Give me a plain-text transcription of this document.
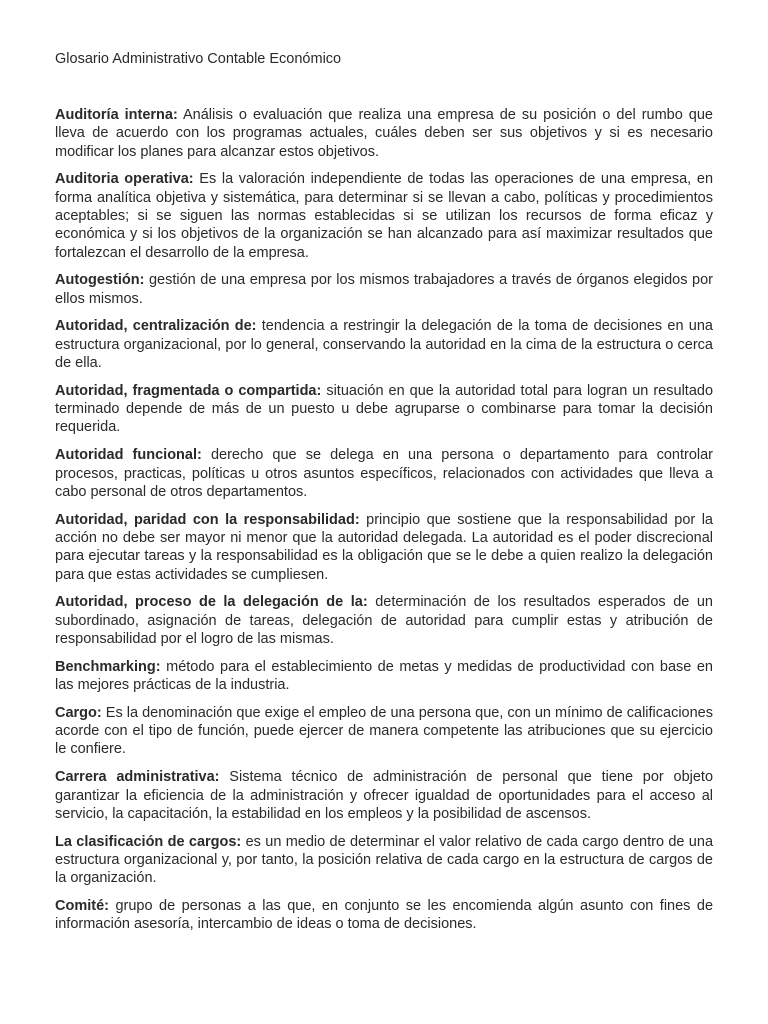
Glosario Administrativo Contable Económico

Auditoría interna: Análisis o evaluación que realiza una empresa de su posición o del rumbo que lleva de acuerdo con los programas actuales, cuáles deben ser sus objetivos y si es necesario modificar los planes para alcanzar estos objetivos.

Auditoria operativa: Es la valoración independiente de todas las operaciones de una empresa, en forma analítica objetiva y sistemática, para determinar si se llevan a cabo, políticas y procedimientos aceptables; si se siguen las normas establecidas si se utilizan los recursos de forma eficaz y económica y si los objetivos de la organización se han alcanzado para así maximizar resultados que fortalezcan el desarrollo de la empresa.

Autogestión: gestión de una empresa por los mismos trabajadores a través de órganos elegidos por ellos mismos.

Autoridad, centralización de: tendencia a restringir la delegación de la toma de decisiones en una estructura organizacional, por lo general, conservando la autoridad en la cima de la estructura o cerca de ella.

Autoridad, fragmentada o compartida: situación en que la autoridad total para logran un resultado terminado depende de más de un puesto u debe agruparse o combinarse para tomar la decisión requerida.

Autoridad funcional: derecho que se delega en una persona o departamento para controlar procesos, practicas, políticas u otros asuntos específicos, relacionados con actividades que lleva a cabo personal de otros departamentos.

Autoridad, paridad con la responsabilidad: principio que sostiene que la responsabilidad por la acción no debe ser mayor ni menor que la autoridad delegada. La autoridad es el poder discrecional para ejecutar tareas y la responsabilidad es la obligación que se le debe a quien realizo la delegación para que estas actividades se cumpliesen.

Autoridad, proceso de la delegación de la: determinación de los resultados esperados de un subordinado, asignación de tareas, delegación de autoridad para cumplir estas y atribución de responsabilidad por el logro de las mismas.

Benchmarking: método para el establecimiento de metas y medidas de productividad con base en las mejores prácticas de la industria.

Cargo: Es la denominación que exige el empleo de una persona que, con un mínimo de calificaciones acorde con el tipo de función, puede ejercer de manera competente las atribuciones que su ejercicio le confiere.

Carrera administrativa: Sistema técnico de administración de personal que tiene por objeto garantizar la eficiencia de la administración y ofrecer igualdad de oportunidades para el acceso al servicio, la capacitación, la estabilidad en los empleos y la posibilidad de ascensos.

La clasificación de cargos: es un medio de determinar el valor relativo de cada cargo dentro de una estructura organizacional y, por tanto, la posición relativa de cada cargo en la estructura de cargos de la organización.

Comité: grupo de personas a las que, en conjunto se les encomienda algún asunto con fines de información asesoría, intercambio de ideas o toma de decisiones.
